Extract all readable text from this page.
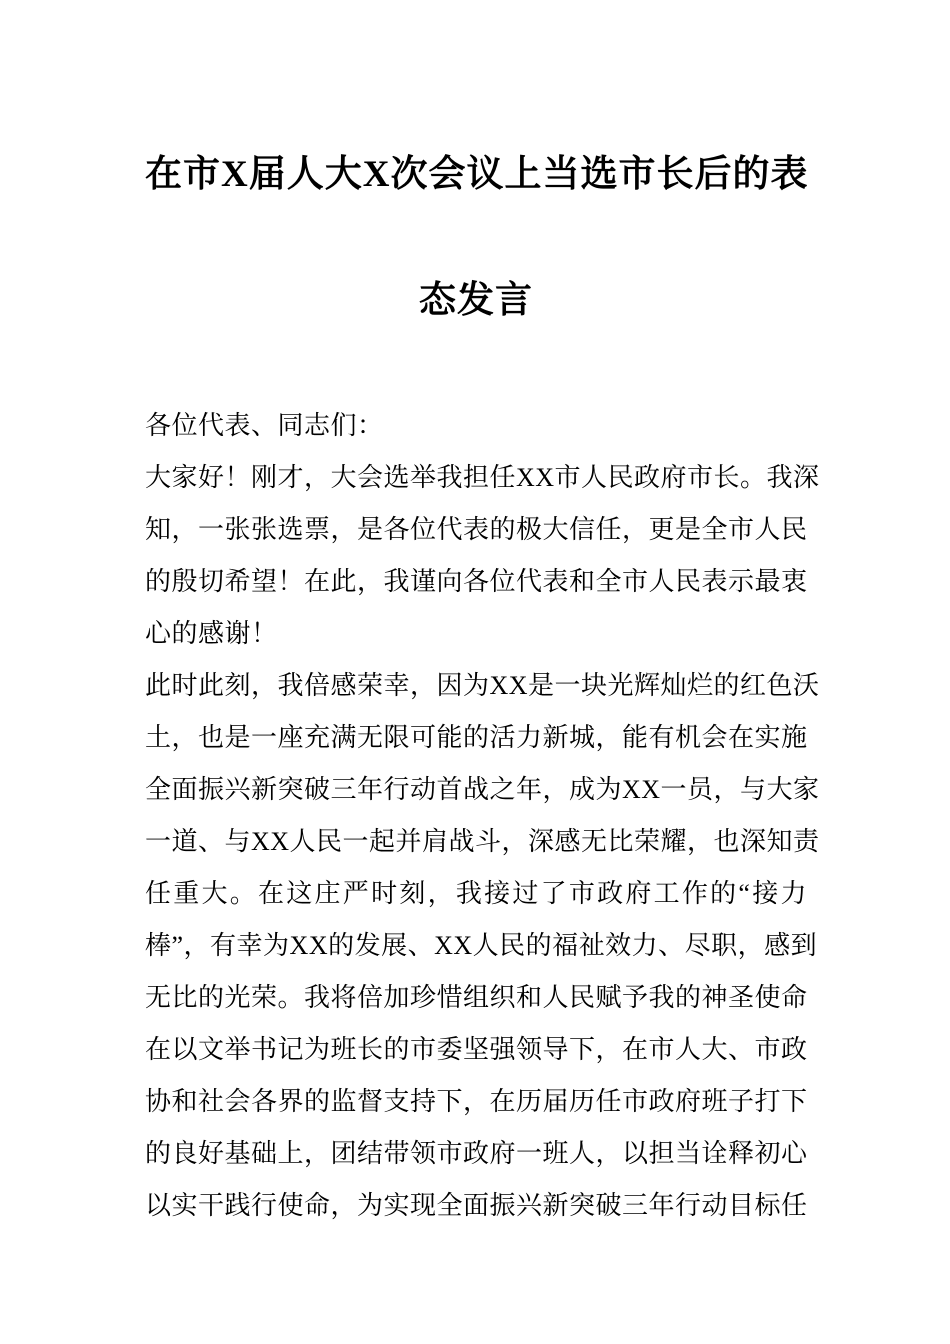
在市X届人大X次会议上当选市长后的表
态发言
各位代表、同志们：
大家好！刚才，大会选举我担任XX市人民政府市长。我深
知，一张张选票，是各位代表的极大信任，更是全市人民
的殷切希望！在此，我谨向各位代表和全市人民表示最衷
心的感谢！
此时此刻，我倍感荣幸，因为XX是一块光辉灿烂的红色沃
土，也是一座充满无限可能的活力新城，能有机会在实施
全面振兴新突破三年行动首战之年，成为XX一员，与大家
一道、与XX人民一起并肩战斗，深感无比荣耀，也深知责
任重大。在这庄严时刻，我接过了市政府工作的“接力
棒”，有幸为XX的发展、XX人民的福祉效力、尽职，感到
无比的光荣。我将倍加珍惜组织和人民赋予我的神圣使命
在以文举书记为班长的市委坚强领导下，在市人大、市政
协和社会各界的监督支持下，在历届历任市政府班子打下
的良好基础上，团结带领市政府一班人，以担当诠释初心
以实干践行使命，为实现全面振兴新突破三年行动目标任
